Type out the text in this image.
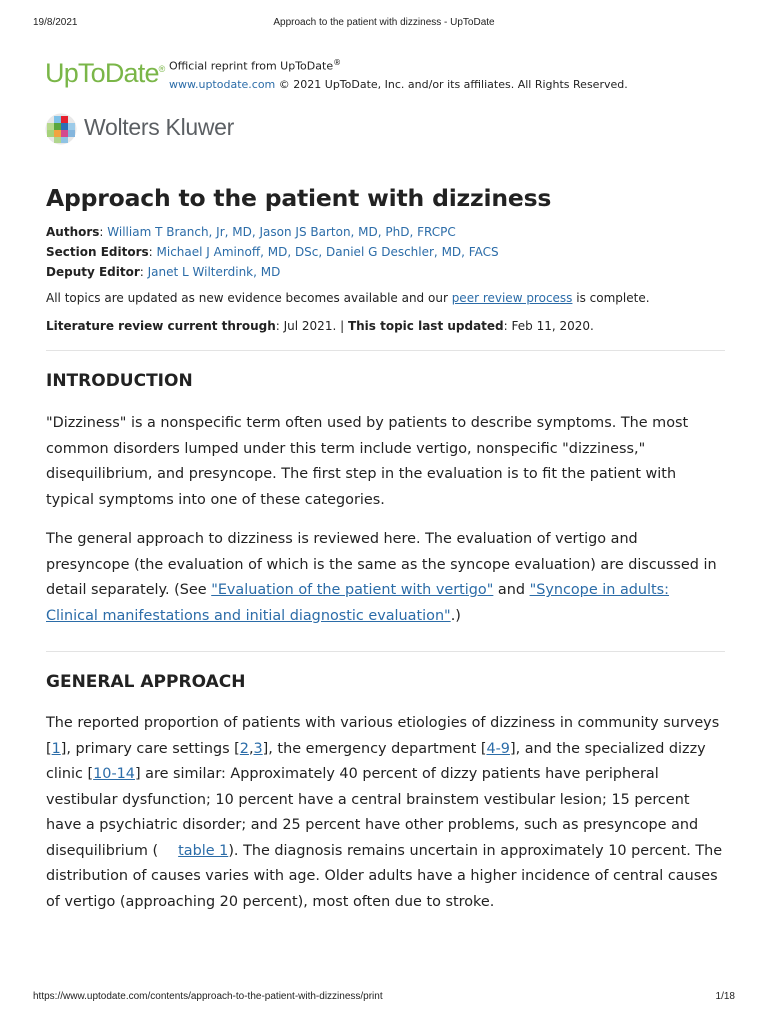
19/8/2021	Approach to the patient with dizziness - UpToDate
UpToDate® Official reprint from UpToDate®
www.uptodate.com © 2021 UpToDate, Inc. and/or its affiliates. All Rights Reserved.
Wolters Kluwer
Approach to the patient with dizziness
Authors: William T Branch, Jr, MD, Jason JS Barton, MD, PhD, FRCPC
Section Editors: Michael J Aminoff, MD, DSc, Daniel G Deschler, MD, FACS
Deputy Editor: Janet L Wilterdink, MD
All topics are updated as new evidence becomes available and our peer review process is complete.
Literature review current through: Jul 2021. | This topic last updated: Feb 11, 2020.
INTRODUCTION

"Dizziness" is a nonspecific term often used by patients to describe symptoms. The most common disorders lumped under this term include vertigo, nonspecific "dizziness," disequilibrium, and presyncope. The first step in the evaluation is to fit the patient with typical symptoms into one of these categories.

The general approach to dizziness is reviewed here. The evaluation of vertigo and presyncope (the evaluation of which is the same as the syncope evaluation) are discussed in detail separately. (See "Evaluation of the patient with vertigo" and "Syncope in adults: Clinical manifestations and initial diagnostic evaluation".)

GENERAL APPROACH

The reported proportion of patients with various etiologies of dizziness in community surveys [1], primary care settings [2,3], the emergency department [4-9], and the specialized dizzy clinic [10-14] are similar: Approximately 40 percent of dizzy patients have peripheral vestibular dysfunction; 10 percent have a central brainstem vestibular lesion; 15 percent have a psychiatric disorder; and 25 percent have other problems, such as presyncope and disequilibrium ( table 1). The diagnosis remains uncertain in approximately 10 percent. The distribution of causes varies with age. Older adults have a higher incidence of central causes of vertigo (approaching 20 percent), most often due to stroke.

https://www.uptodate.com/contents/approach-to-the-patient-with-dizziness/print	1/18
